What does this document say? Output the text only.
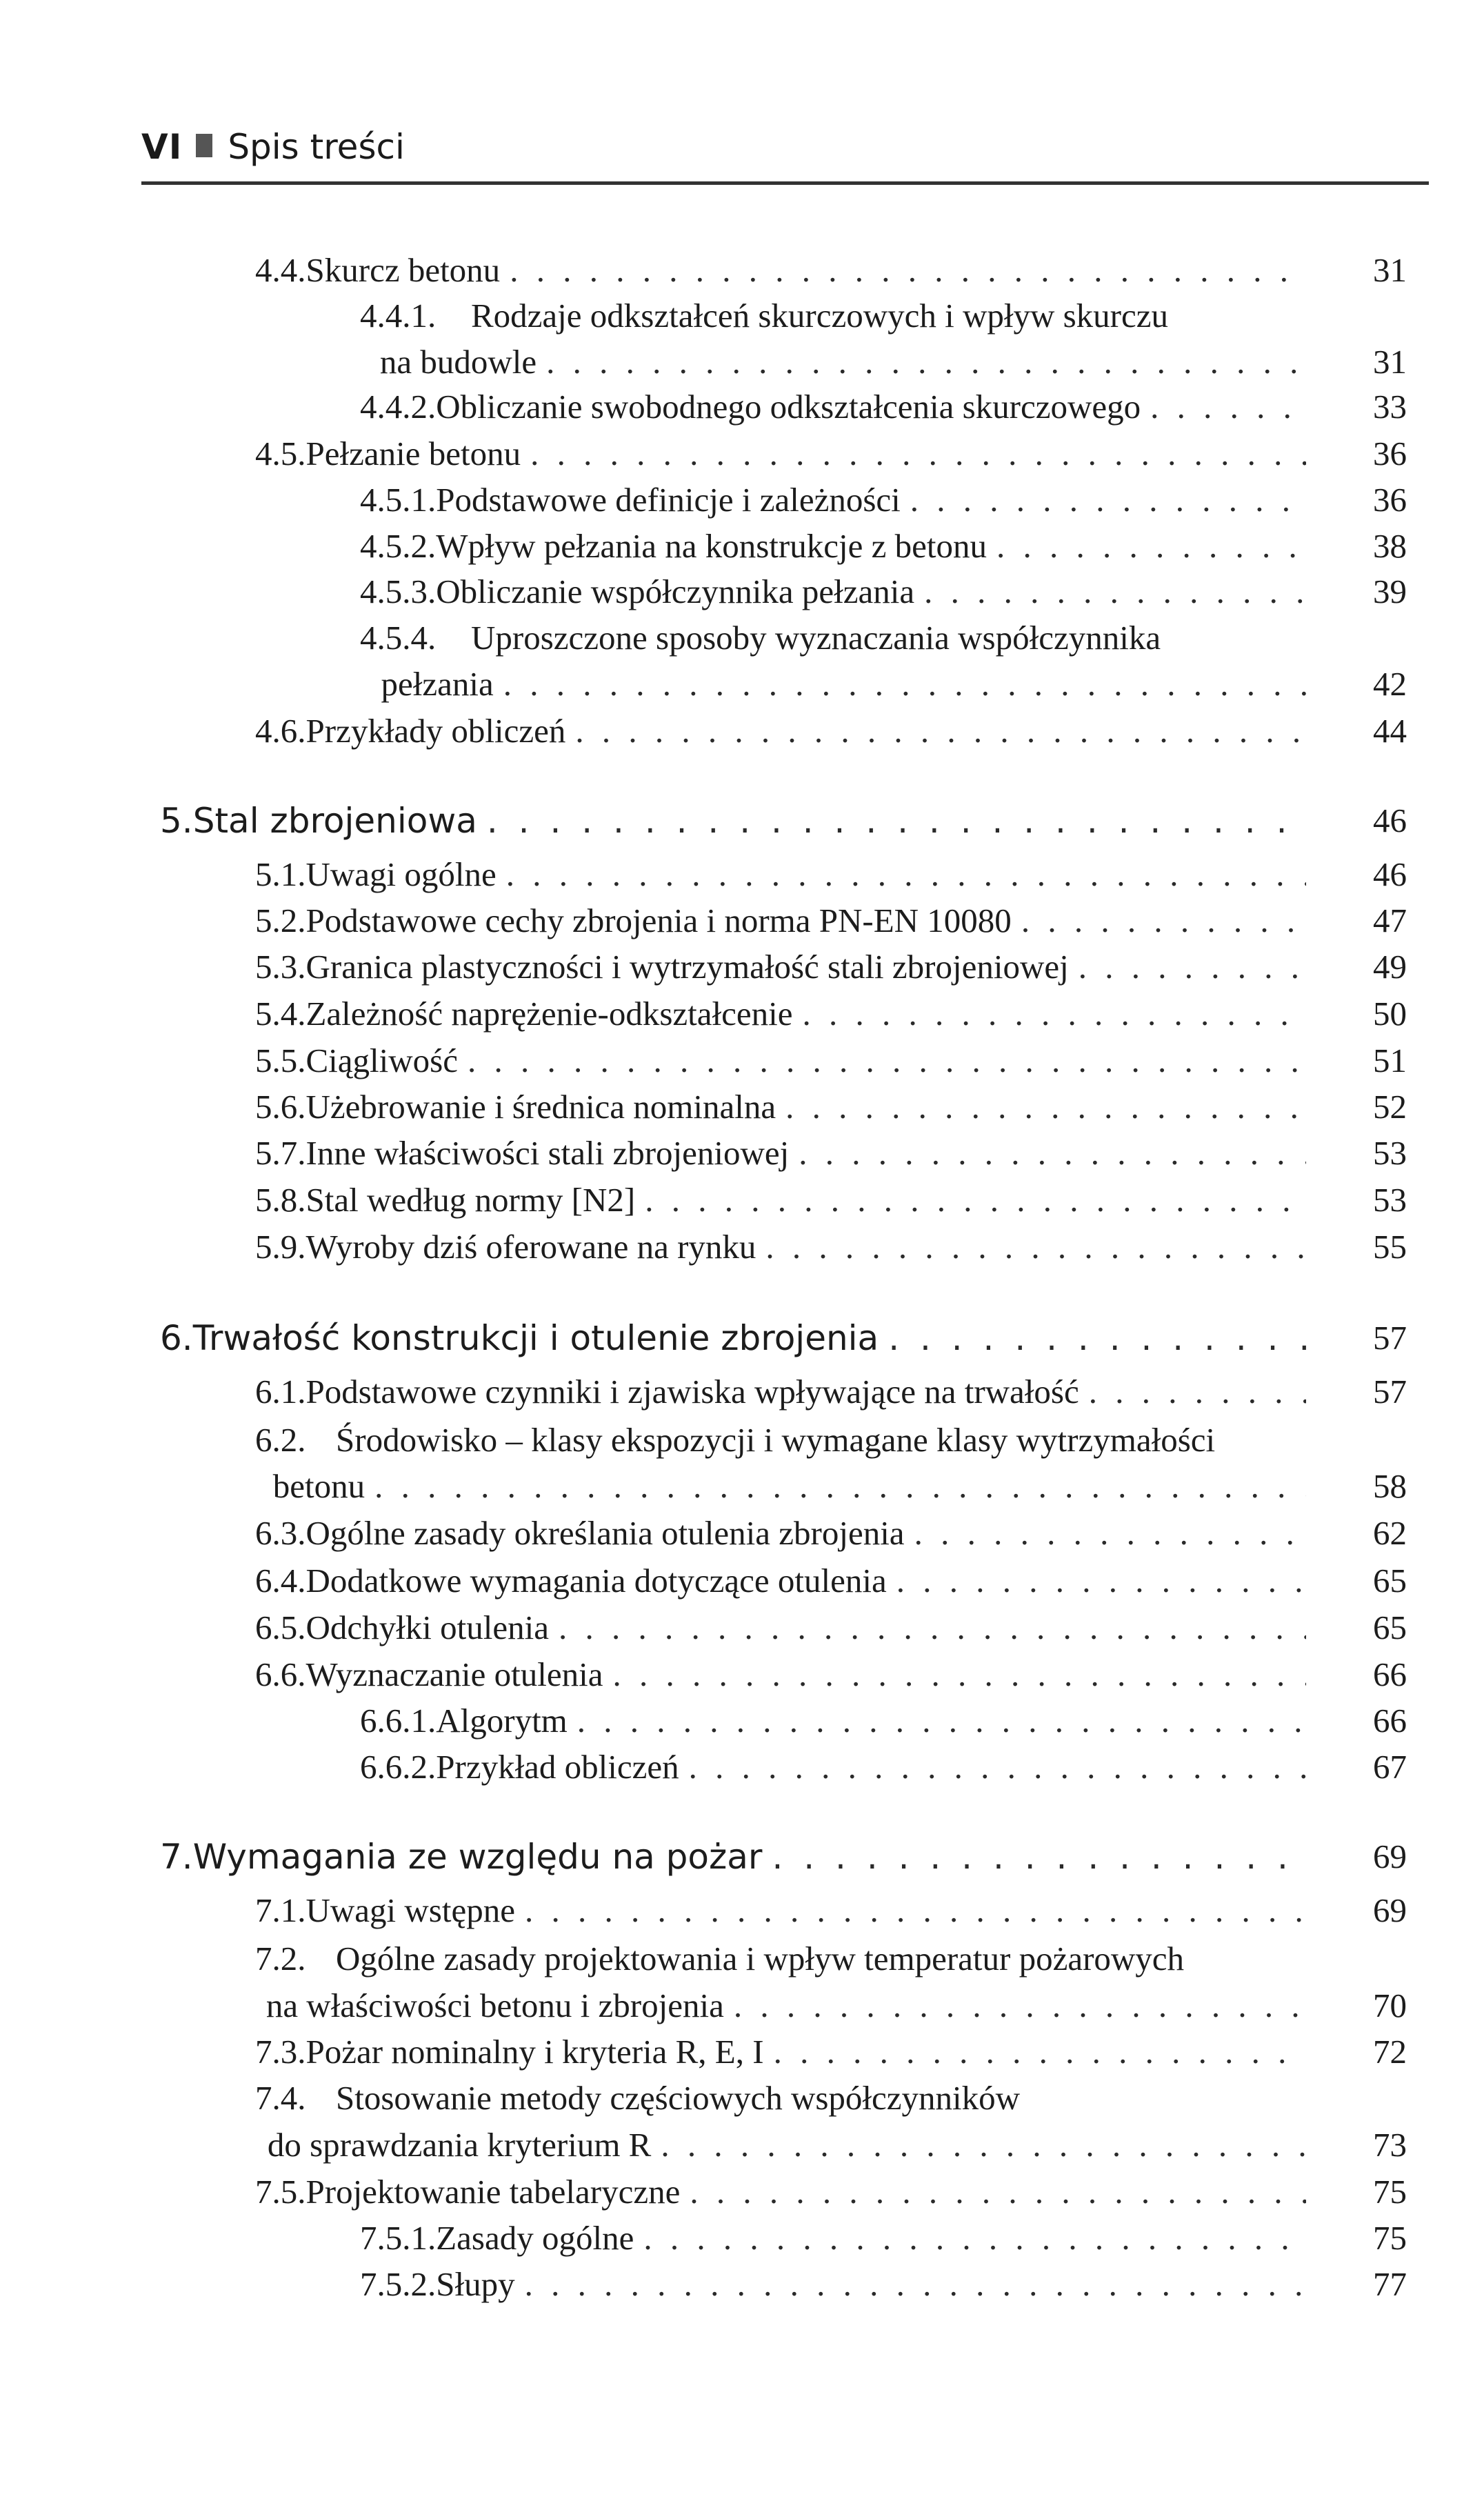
VI Spis treści
4.4. Skurcz betonu . . .	31
4.4.1.	Rodzaje odkształceń skurczowych i wpływ skurczu
na budowle . . .	31
4.4.2. Obliczanie swobodnego odkształcenia skurczowego . . .	33
4.5. Pełzanie betonu . . .	36
4.5.1. Podstawowe definicje i zależności . . .	36
4.5.2. Wpływ pełzania na konstrukcje z betonu . . .	38
4.5.3. Obliczanie współczynnika pełzania . . .	39
4.5.4.	Uproszczone sposoby wyznaczania współczynnika
pełzania . . .	42
4.6. Przykłady obliczeń . . .	44
5. Stal zbrojeniowa . . .	46
5.1. Uwagi ogólne . . .	46
5.2. Podstawowe cechy zbrojenia i norma PN-EN 10080 . . .	47
5.3. Granica plastyczności i wytrzymałość stali zbrojeniowej . . .	49
5.4. Zależność naprężenie-odkształcenie . . .	50
5.5. Ciągliwość . . .	51
5.6. Użebrowanie i średnica nominalna . . .	52
5.7. Inne właściwości stali zbrojeniowej . . .	53
5.8. Stal według normy [N2] . . .	53
5.9. Wyroby dziś oferowane na rynku . . .	55
6. Trwałość konstrukcji i otulenie zbrojenia . . .	57
6.1. Podstawowe czynniki i zjawiska wpływające na trwałość . . .	57
6.2. Środowisko – klasy ekspozycji i wymagane klasy wytrzymałości
betonu . . .	58
6.3. Ogólne zasady określania otulenia zbrojenia . . .	62
6.4. Dodatkowe wymagania dotyczące otulenia . . .	65
6.5. Odchyłki otulenia . . .	65
6.6. Wyznaczanie otulenia . . .	66
6.6.1. Algorytm . . .	66
6.6.2. Przykład obliczeń . . .	67
7. Wymagania ze względu na pożar . . .	69
7.1. Uwagi wstępne . . .	69
7.2. Ogólne zasady projektowania i wpływ temperatur pożarowych
na właściwości betonu i zbrojenia . . .	70
7.3. Pożar nominalny i kryteria R, E, I . . .	72
7.4. Stosowanie metody częściowych współczynników
do sprawdzania kryterium R . . .	73
7.5. Projektowanie tabelaryczne . . .	75
7.5.1. Zasady ogólne . . .	75
7.5.2. Słupy . . .	77
